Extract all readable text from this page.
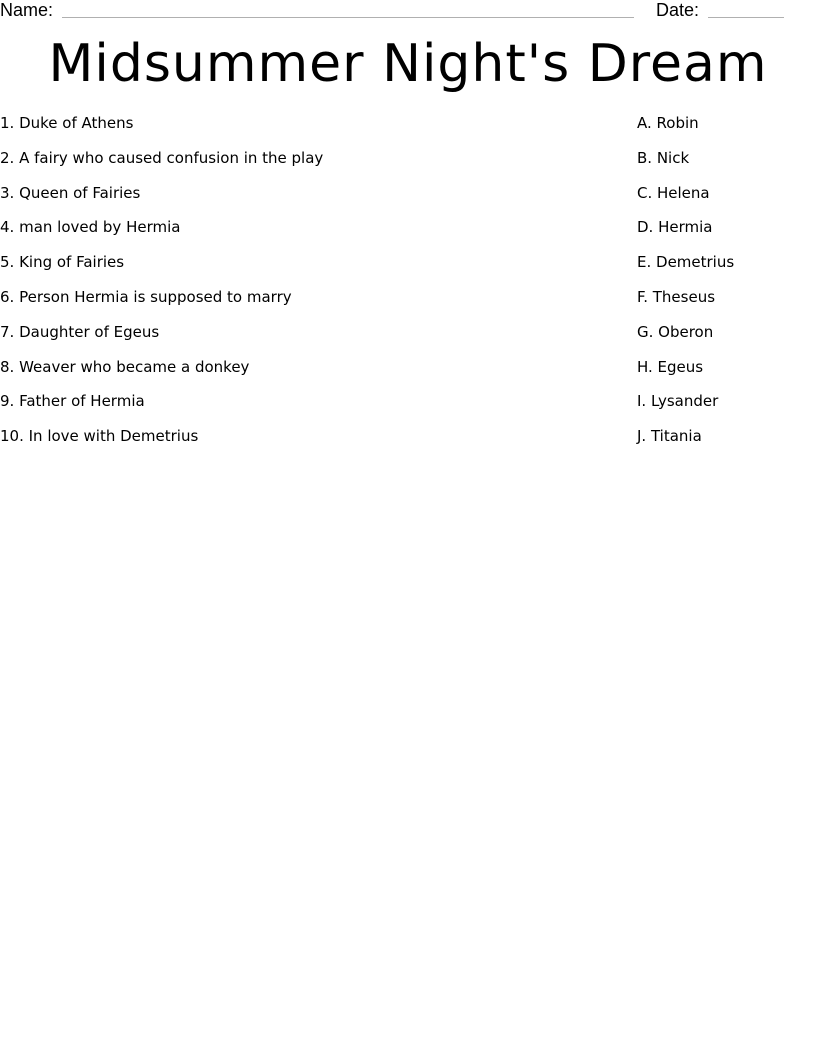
Name:	Date:
Midsummer Night's Dream
1. Duke of Athens
2. A fairy who caused confusion in the play
3. Queen of Fairies
4. man loved by Hermia
5. King of Fairies
6. Person Hermia is supposed to marry
7. Daughter of Egeus
8. Weaver who became a donkey
9. Father of Hermia
10. In love with Demetrius
A. Robin
B. Nick
C. Helena
D. Hermia
E. Demetrius
F. Theseus
G. Oberon
H. Egeus
I. Lysander
J. Titania
